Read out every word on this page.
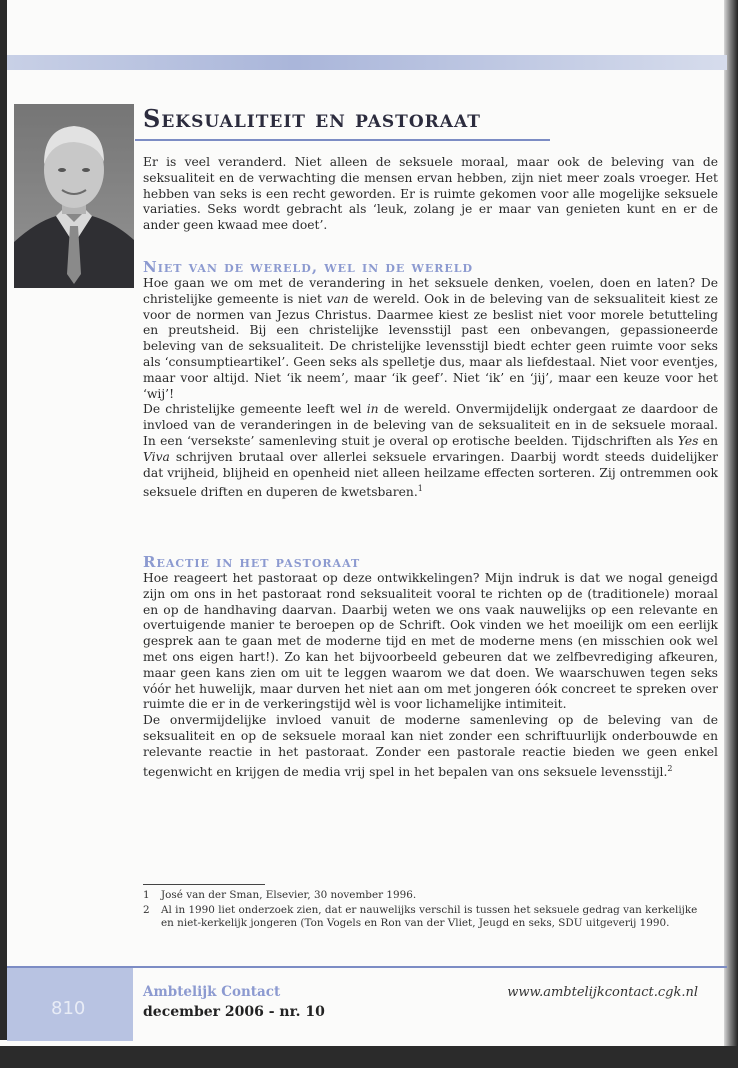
Seksualiteit en pastoraat

Er is veel veranderd. Niet alleen de seksuele moraal, maar ook de beleving van de seksualiteit en de verwachting die mensen ervan hebben, zijn niet meer zoals vroeger. Het hebben van seks is een recht geworden. Er is ruimte gekomen voor alle mogelijke seksuele variaties. Seks wordt gebracht als ‘leuk, zolang je er maar van genieten kunt en er de ander geen kwaad mee doet’.

Niet van de wereld, wel in de wereld

Hoe gaan we om met de verandering in het seksuele denken, voelen, doen en laten? De christelijke gemeente is niet van de wereld. Ook in de beleving van de seksualiteit kiest ze voor de normen van Jezus Christus. Daarmee kiest ze beslist niet voor morele betutteling en preutsheid. Bij een christelijke levensstijl past een onbevangen, gepassioneerde beleving van de seksualiteit. De christelijke levensstijl biedt echter geen ruimte voor seks als ‘consumptieartikel’. Geen seks als spelletje dus, maar als liefdestaal. Niet voor eventjes, maar voor altijd. Niet ‘ik neem’, maar ‘ik geef’. Niet ‘ik’ en ‘jij’, maar een keuze voor het ‘wij’!

De christelijke gemeente leeft wel in de wereld. Onvermijdelijk ondergaat ze daardoor de invloed van de veranderingen in de beleving van de seksualiteit en in de seksuele moraal. In een ‘versekste’ samenleving stuit je overal op erotische beelden. Tijdschriften als Yes en Viva schrijven brutaal over allerlei seksuele ervaringen. Daarbij wordt steeds duidelijker dat vrijheid, blijheid en openheid niet alleen heilzame effecten sorteren. Zij ontremmen ook seksuele driften en duperen de kwetsbaren.$^1$

Reactie in het pastoraat

Hoe reageert het pastoraat op deze ontwikkelingen? Mijn indruk is dat we nogal geneigd zijn om ons in het pastoraat rond seksualiteit vooral te richten op de (traditionele) moraal en op de handhaving daarvan. Daarbij weten we ons vaak nauwelijks op een relevante en overtuigende manier te beroepen op de Schrift. Ook vinden we het moeilijk om een eerlijk gesprek aan te gaan met de moderne tijd en met de moderne mens (en misschien ook wel met ons eigen hart!). Zo kan het bijvoorbeeld gebeuren dat we zelfbevrediging afkeuren, maar geen kans zien om uit te leggen waarom we dat doen. We waarschuwen tegen seks vóór het huwelijk, maar durven het niet aan om met jongeren óók concreet te spreken over ruimte die er in de verkeringstijd wèl is voor lichamelijke intimiteit.

De onvermijdelijke invloed vanuit de moderne samenleving op de beleving van de seksualiteit en op de seksuele moraal kan niet zonder een schriftuurlijk onderbouwde en relevante reactie in het pastoraat. Zonder een pastorale reactie bieden we geen enkel tegenwicht en krijgen de media vrij spel in het bepalen van ons seksuele levensstijl.$^2$

1	José van der Sman, Elsevier, 30 november 1996.
2	Al in 1990 liet onderzoek zien, dat er nauwelijks verschil is tussen het seksuele gedrag van kerkelijke en niet-kerkelijk jongeren (Ton Vogels en Ron van der Vliet, Jeugd en seks, SDU uitgeverij 1990.
810
Ambtelijk Contact
december 2006 - nr. 10
www.ambtelijkcontact.cgk.nl
